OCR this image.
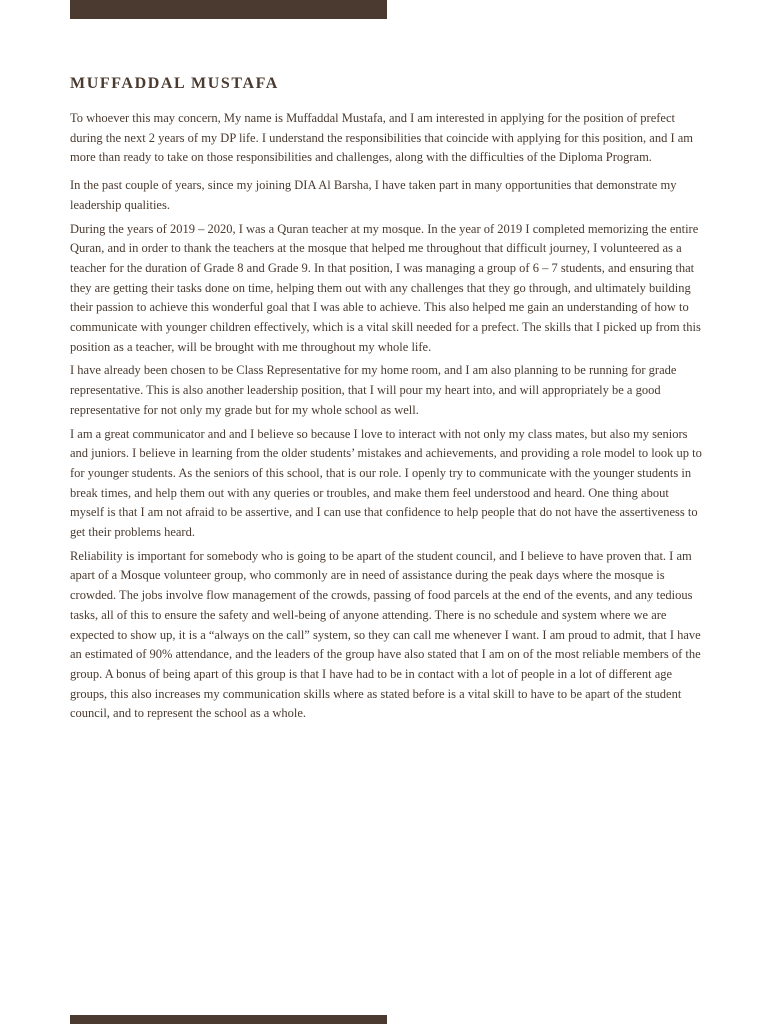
MUFFADDAL MUSTAFA

To whoever this may concern, My name is Muffaddal Mustafa, and I am interested in applying for the position of prefect during the next 2 years of my DP life. I understand the responsibilities that coincide with applying for this position, and I am more than ready to take on those responsibilities and challenges, along with the difficulties of the Diploma Program.

In the past couple of years, since my joining DIA Al Barsha, I have taken part in many opportunities that demonstrate my leadership qualities.

During the years of 2019 – 2020, I was a Quran teacher at my mosque. In the year of 2019 I completed memorizing the entire Quran, and in order to thank the teachers at the mosque that helped me throughout that difficult journey, I volunteered as a teacher for the duration of Grade 8 and Grade 9. In that position, I was managing a group of 6 – 7 students, and ensuring that they are getting their tasks done on time, helping them out with any challenges that they go through, and ultimately building their passion to achieve this wonderful goal that I was able to achieve. This also helped me gain an understanding of how to communicate with younger children effectively, which is a vital skill needed for a prefect. The skills that I picked up from this position as a teacher, will be brought with me throughout my whole life.

I have already been chosen to be Class Representative for my home room, and I am also planning to be running for grade representative. This is also another leadership position, that I will pour my heart into, and will appropriately be a good representative for not only my grade but for my whole school as well.

I am a great communicator and and I believe so because I love to interact with not only my class mates, but also my seniors and juniors. I believe in learning from the older students’ mistakes and achievements, and providing a role model to look up to for younger students. As the seniors of this school, that is our role. I openly try to communicate with the younger students in break times, and help them out with any queries or troubles, and make them feel understood and heard. One thing about myself is that I am not afraid to be assertive, and I can use that confidence to help people that do not have the assertiveness to get their problems heard.

Reliability is important for somebody who is going to be apart of the student council, and I believe to have proven that. I am apart of a Mosque volunteer group, who commonly are in need of assistance during the peak days where the mosque is crowded. The jobs involve flow management of the crowds, passing of food parcels at the end of the events, and any tedious tasks, all of this to ensure the safety and well-being of anyone attending. There is no schedule and system where we are expected to show up, it is a “always on the call” system, so they can call me whenever I want. I am proud to admit, that I have an estimated of 90% attendance, and the leaders of the group have also stated that I am on of the most reliable members of the group. A bonus of being apart of this group is that I have had to be in contact with a lot of people in a lot of different age groups, this also increases my communication skills where as stated before is a vital skill to have to be apart of the student council, and to represent the school as a whole.
